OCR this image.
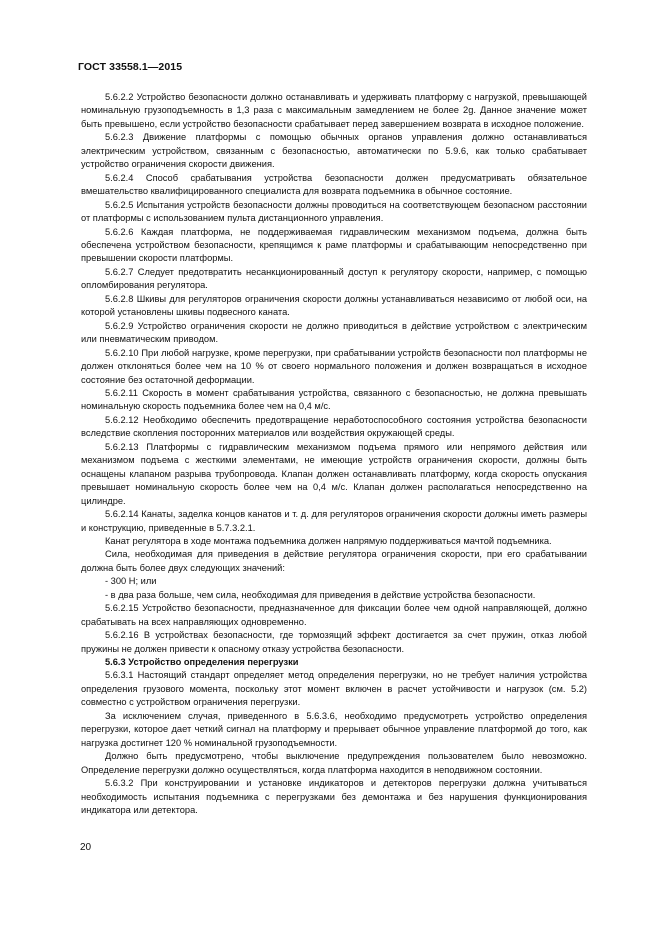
ГОСТ 33558.1—2015

5.6.2.2 Устройство безопасности должно останавливать и удерживать платформу с нагрузкой, превышающей номинальную грузоподъемность в 1,3 раза с максимальным замедлением не более 2g. Данное значение может быть превышено, если устройство безопасности срабатывает перед завершением возврата в исходное положение.

5.6.2.3 Движение платформы с помощью обычных органов управления должно останавливаться электрическим устройством, связанным с безопасностью, автоматически по 5.9.6, как только срабатывает устройство ограничения скорости движения.

5.6.2.4 Способ срабатывания устройства безопасности должен предусматривать обязательное вмешательство квалифицированного специалиста для возврата подъемника в обычное состояние.

5.6.2.5 Испытания устройств безопасности должны проводиться на соответствующем безопасном расстоянии от платформы с использованием пульта дистанционного управления.

5.6.2.6 Каждая платформа, не поддерживаемая гидравлическим механизмом подъема, должна быть обеспечена устройством безопасности, крепящимся к раме платформы и срабатывающим непосредственно при превышении скорости платформы.

5.6.2.7 Следует предотвратить несанкционированный доступ к регулятору скорости, например, с помощью опломбирования регулятора.

5.6.2.8 Шкивы для регуляторов ограничения скорости должны устанавливаться независимо от любой оси, на которой установлены шкивы подвесного каната.

5.6.2.9 Устройство ограничения скорости не должно приводиться в действие устройством с электрическим или пневматическим приводом.

5.6.2.10 При любой нагрузке, кроме перегрузки, при срабатывании устройств безопасности пол платформы не должен отклоняться более чем на 10 % от своего нормального положения и должен возвращаться в исходное состояние без остаточной деформации.

5.6.2.11 Скорость в момент срабатывания устройства, связанного с безопасностью, не должна превышать номинальную скорость подъемника более чем на 0,4 м/с.

5.6.2.12 Необходимо обеспечить предотвращение неработоспособного состояния устройства безопасности вследствие скопления посторонних материалов или воздействия окружающей среды.

5.6.2.13 Платформы с гидравлическим механизмом подъема прямого или непрямого действия или механизмом подъема с жесткими элементами, не имеющие устройств ограничения скорости, должны быть оснащены клапаном разрыва трубопровода. Клапан должен останавливать платформу, когда скорость опускания превышает номинальную скорость более чем на 0,4 м/с. Клапан должен располагаться непосредственно на цилиндре.

5.6.2.14 Канаты, заделка концов канатов и т. д. для регуляторов ограничения скорости должны иметь размеры и конструкцию, приведенные в 5.7.3.2.1.

Канат регулятора в ходе монтажа подъемника должен напрямую поддерживаться мачтой подъемника.

Сила, необходимая для приведения в действие регулятора ограничения скорости, при его срабатывании должна быть более двух следующих значений:

- 300 Н; или

- в два раза больше, чем сила, необходимая для приведения в действие устройства безопасности.

5.6.2.15 Устройство безопасности, предназначенное для фиксации более чем одной направляющей, должно срабатывать на всех направляющих одновременно.

5.6.2.16 В устройствах безопасности, где тормозящий эффект достигается за счет пружин, отказ любой пружины не должен привести к опасному отказу устройства безопасности.

5.6.3 Устройство определения перегрузки

5.6.3.1 Настоящий стандарт определяет метод определения перегрузки, но не требует наличия устройства определения грузового момента, поскольку этот момент включен в расчет устойчивости и нагрузок (см. 5.2) совместно с устройством ограничения перегрузки.

За исключением случая, приведенного в 5.6.3.6, необходимо предусмотреть устройство определения перегрузки, которое дает четкий сигнал на платформу и прерывает обычное управление платформой до того, как нагрузка достигнет 120 % номинальной грузоподъемности.

Должно быть предусмотрено, чтобы выключение предупреждения пользователем было невозможно. Определение перегрузки должно осуществляться, когда платформа находится в неподвижном состоянии.

5.6.3.2 При конструировании и установке индикаторов и детекторов перегрузки должна учитываться необходимость испытания подъемника с перегрузками без демонтажа и без нарушения функционирования индикатора или детектора.

20
